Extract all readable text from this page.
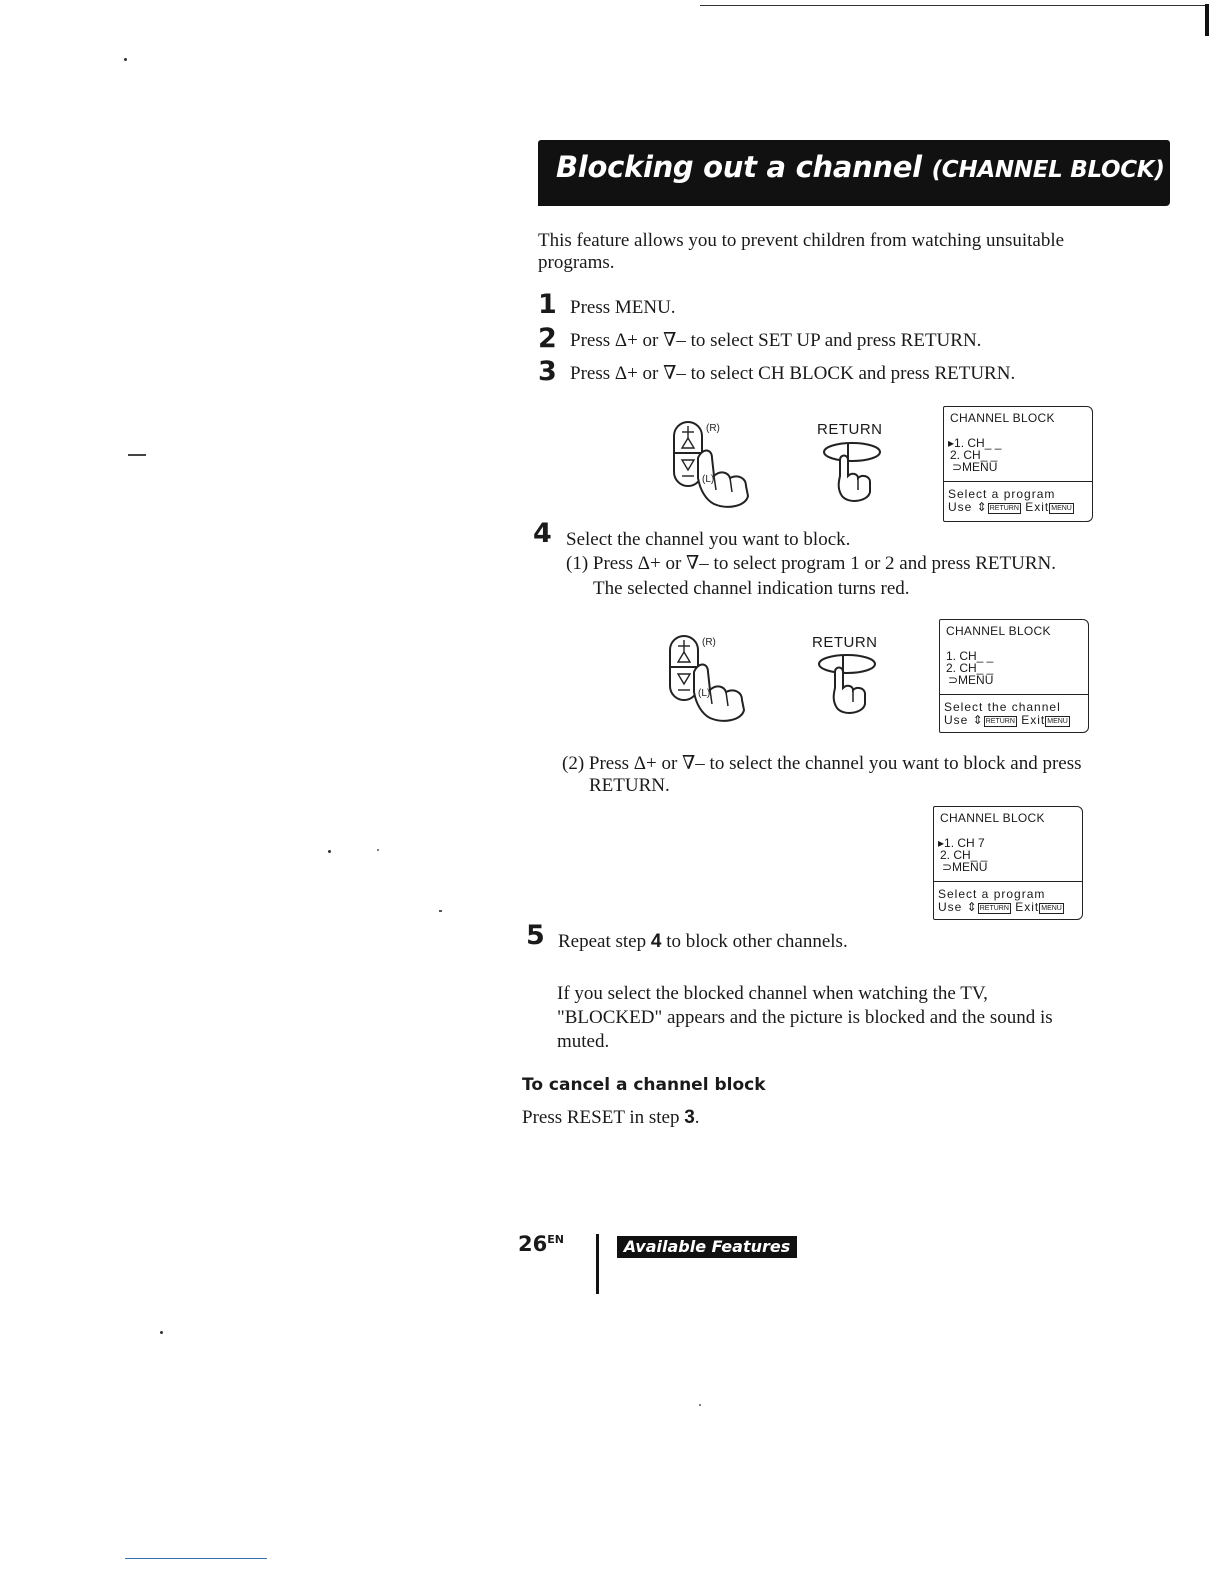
Blocking out a channel (CHANNEL BLOCK)
This feature allows you to prevent children from watching unsuitable
programs.
1 Press MENU.
2 Press Δ+ or ∇– to select SET UP and press RETURN.
3 Press Δ+ or ∇– to select CH BLOCK and press RETURN.
(R)
(L)
RETURN
CHANNEL BLOCK
▸1. CH_ _
2. CH_ _
⊃MENU
Select a program
Use ⇕ RETURN Exit MENU
4 Select the channel you want to block.
(1) Press Δ+ or ∇– to select program 1 or 2 and press RETURN.
The selected channel indication turns red.
(R)
(L)
RETURN
CHANNEL BLOCK
1. CH_ _
2. CH_ _
⊃MENU
Select the channel
Use ⇕ RETURN Exit MENU
(2) Press Δ+ or ∇– to select the channel you want to block and press
RETURN.
CHANNEL BLOCK
▸1. CH 7
2. CH_ _
⊃MENU
Select a program
Use ⇕ RETURN Exit MENU
5 Repeat step 4 to block other channels.
If you select the blocked channel when watching the TV,
"BLOCKED" appears and the picture is blocked and the sound is
muted.
To cancel a channel block
Press RESET in step 3.
$26^{EN}$	Available Features
